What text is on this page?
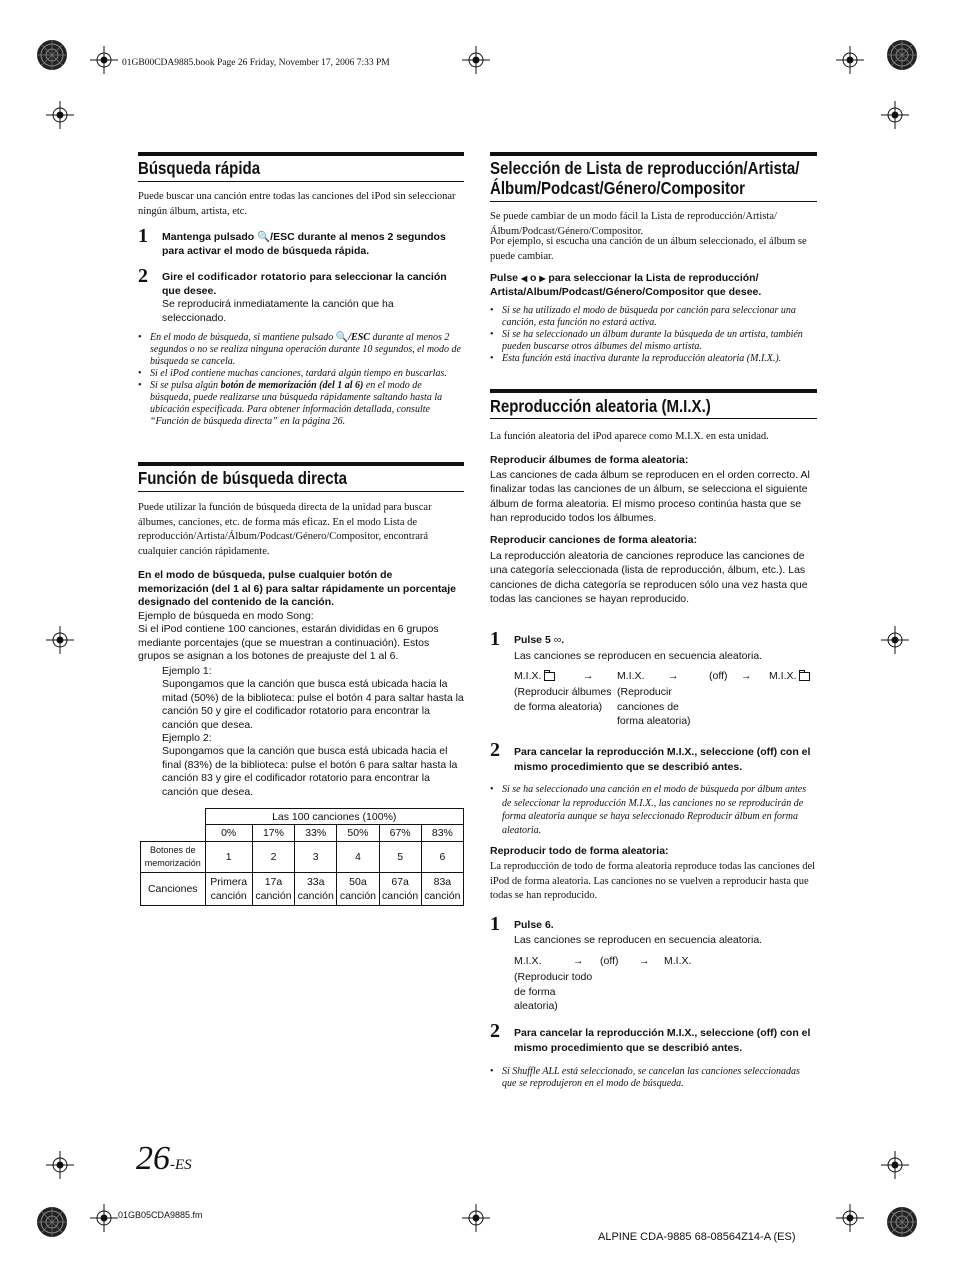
01GB00CDA9885.book Page 26 Friday, November 17, 2006 7:33 PM
Búsqueda rápida
Puede buscar una canción entre todas las canciones del iPod sin seleccionar ningún álbum, artista, etc.
1 Mantenga pulsado 🔍/ESC durante al menos 2 segundos para activar el modo de búsqueda rápida.
2 Gire el codificador rotatorio para seleccionar la canción que desee.
Se reproducirá inmediatamente la canción que ha seleccionado.
• En el modo de búsqueda, si mantiene pulsado 🔍/ESC durante al menos 2 segundos o no se realiza ninguna operación durante 10 segundos, el modo de búsqueda se cancela.
• Si el iPod contiene muchas canciones, tardará algún tiempo en buscarlas.
• Si se pulsa algún botón de memorización (del 1 al 6) en el modo de búsqueda, puede realizarse una búsqueda rápidamente saltando hasta la ubicación especificada. Para obtener información detallada, consulte “Función de búsqueda directa” en la página 26.
Función de búsqueda directa
Puede utilizar la función de búsqueda directa de la unidad para buscar álbumes, canciones, etc. de forma más eficaz. En el modo Lista de reproducción/Artista/Álbum/Podcast/Género/Compositor, encontrará cualquier canción rápidamente.
En el modo de búsqueda, pulse cualquier botón de memorización (del 1 al 6) para saltar rápidamente un porcentaje designado del contenido de la canción.
Ejemplo de búsqueda en modo Song:
Si el iPod contiene 100 canciones, estarán divididas en 6 grupos mediante porcentajes (que se muestran a continuación). Estos grupos se asignan a los botones de preajuste del 1 al 6.
Ejemplo 1:
Supongamos que la canción que busca está ubicada hacia la mitad (50%) de la biblioteca: pulse el botón 4 para saltar hasta la canción 50 y gire el codificador rotatorio para encontrar la canción que desea.
Ejemplo 2:
Supongamos que la canción que busca está ubicada hacia el final (83%) de la biblioteca: pulse el botón 6 para saltar hasta la canción 83 y gire el codificador rotatorio para encontrar la canción que desea.
	Las 100 canciones (100%)					
	0%	17%	33%	50%	67%	83%
Botones de memorización	1	2	3	4	5	6
Canciones	Primera canción	17a canción	33a canción	50a canción	67a canción	83a canción
Selección de Lista de reproducción/Artista/
Álbum/Podcast/Género/Compositor
Se puede cambiar de un modo fácil la Lista de reproducción/Artista/Álbum/Podcast/Género/Compositor.
Por ejemplo, si escucha una canción de un álbum seleccionado, el álbum se puede cambiar.
Pulse ◀ o ▶ para seleccionar la Lista de reproducción/ Artista/Album/Podcast/Género/Compositor que desee.
• Si se ha utilizado el modo de búsqueda por canción para seleccionar una canción, esta función no estará activa.
• Si se ha seleccionado un álbum durante la búsqueda de un artista, también pueden buscarse otros álbumes del mismo artista.
• Esta función está inactiva durante la reproducción aleatoria (M.I.X.).
Reproducción aleatoria (M.I.X.)
La función aleatoria del iPod aparece como M.I.X. en esta unidad.
Reproducir álbumes de forma aleatoria:
Las canciones de cada álbum se reproducen en el orden correcto. Al finalizar todas las canciones de un álbum, se selecciona el siguiente álbum de forma aleatoria. El mismo proceso continúa hasta que se han reproducido todos los álbumes.
Reproducir canciones de forma aleatoria:
La reproducción aleatoria de canciones reproduce las canciones de una categoría seleccionada (lista de reproducción, álbum, etc.). Las canciones de dicha categoría se reproducen sólo una vez hasta que todas las canciones se hayan reproducido.
1 Pulse 5 ∞.
Las canciones se reproducen en secuencia aleatoria.
M.I.X.	→ M.I.X. →	(off) → M.I.X.
(Reproducir álbumes de forma aleatoria)
(Reproducir canciones de forma aleatoria)
2 Para cancelar la reproducción M.I.X., seleccione (off) con el mismo procedimiento que se describió antes.
• Si se ha seleccionado una canción en el modo de búsqueda por álbum antes de seleccionar la reproducción M.I.X., las canciones no se reproducirán de forma aleatoria aunque se haya seleccionado Reproducir álbum en forma aleatoria.
Reproducir todo de forma aleatoria:
La reproducción de todo de forma aleatoria reproduce todas las canciones del iPod de forma aleatoria. Las canciones no se vuelven a reproducir hasta que todas se han reproducido.
1 Pulse 6.
Las canciones se reproducen en secuencia aleatoria.
M.I.X.	→ (off) → M.I.X.
(Reproducir todo de forma aleatoria)
2 Para cancelar la reproducción M.I.X., seleccione (off) con el mismo procedimiento que se describió antes.
• Si Shuffle ALL está seleccionado, se cancelan las canciones seleccionadas que se reprodujeron en el modo de búsqueda.
26-ES
01GB05CDA9885.fm
ALPINE CDA-9885 68-08564Z14-A (ES)
